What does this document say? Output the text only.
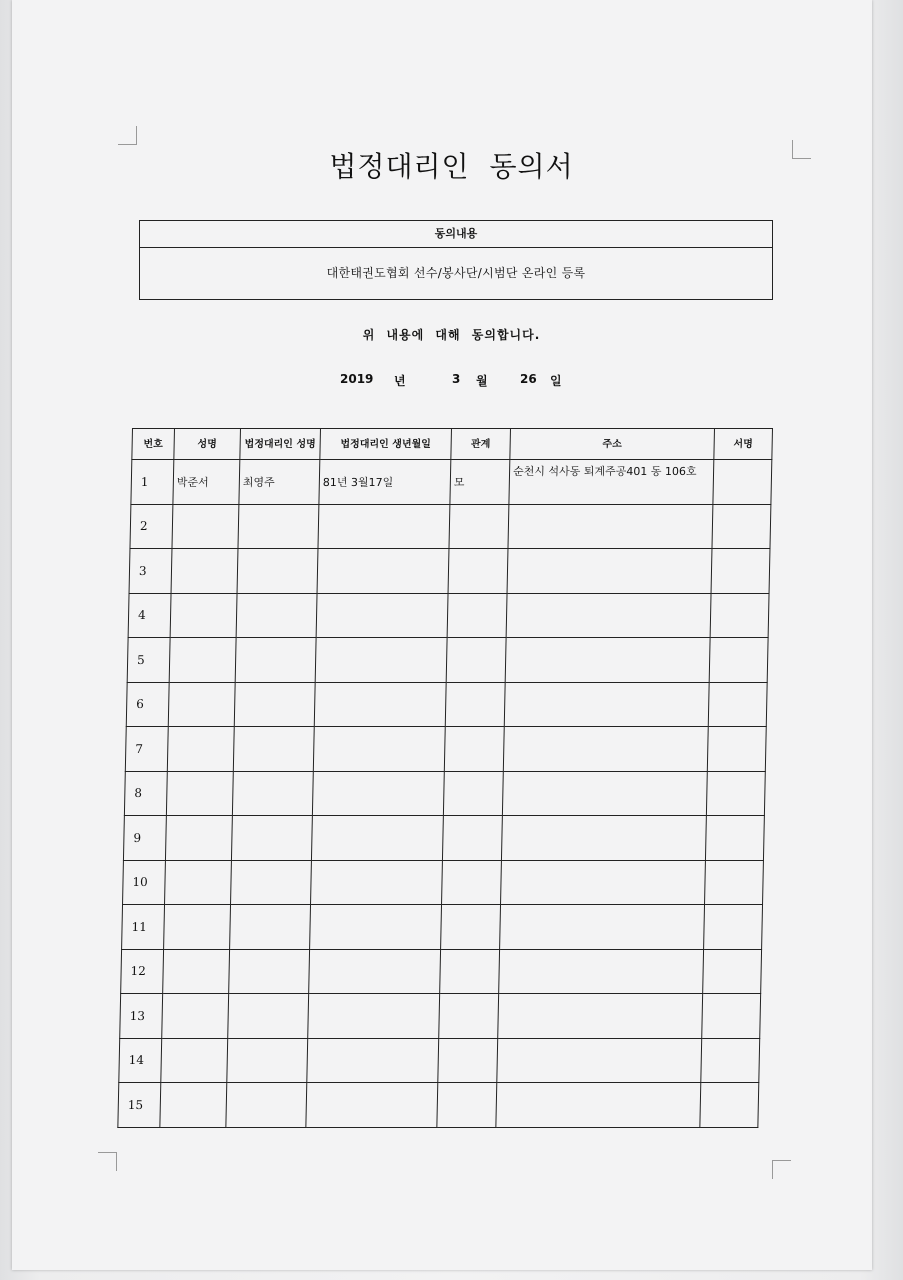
법정대리인 동의서
동의내용
대한태권도협회 선수/봉사단/시범단 온라인 등록
위 내용에 대해 동의합니다.
2019 년	3 월	26 일
번호	성명	법정대리인 성명	법정대리인 생년월일	관계	주소	서명
1	박준서	최영주	81년 3월17일	모	순천시 석사동 퇴계주공401 동 106호	
2						
3						
4						
5						
6						
7						
8						
9						
10						
11						
12						
13						
14						
15						
